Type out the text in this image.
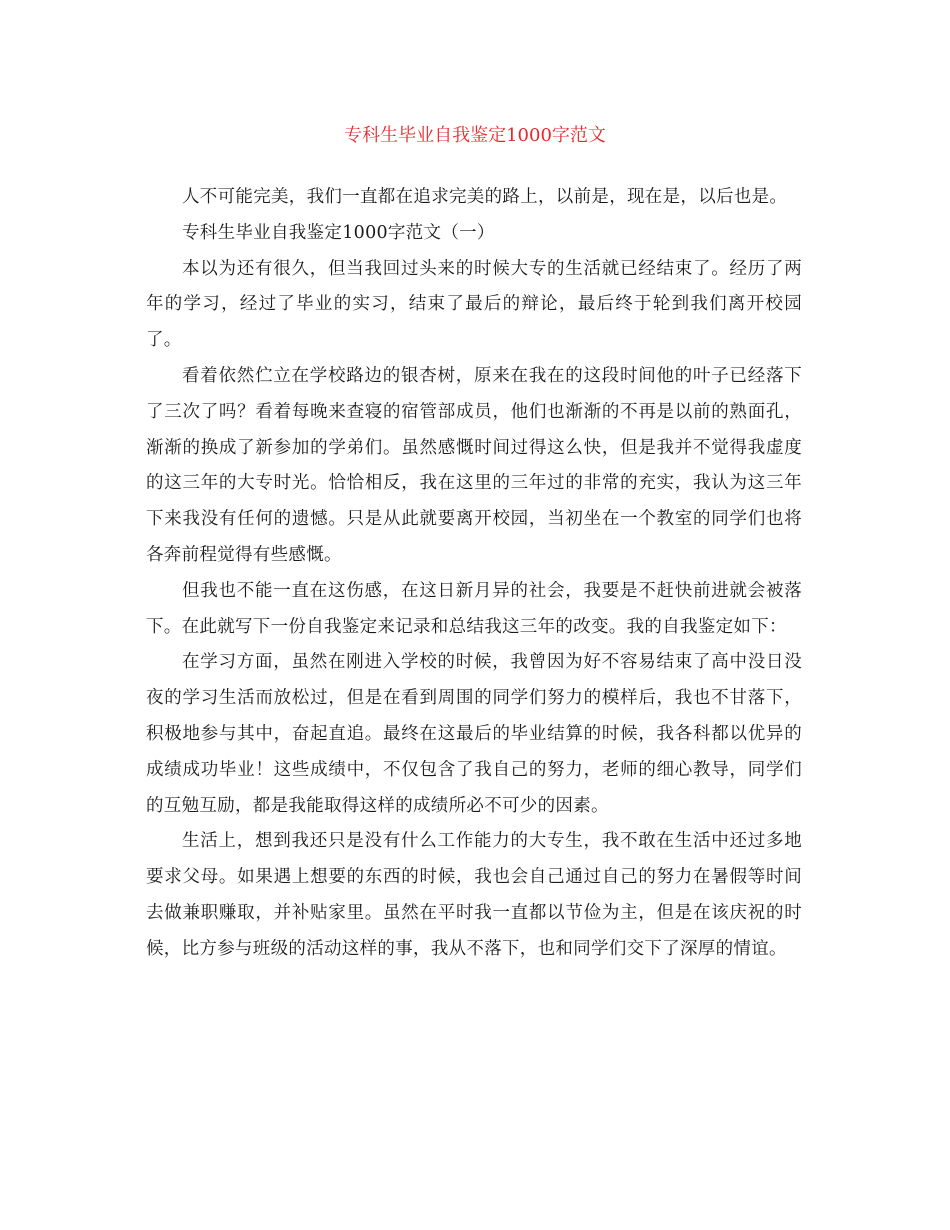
专科生毕业自我鉴定1000字范文

人不可能完美，我们一直都在追求完美的路上，以前是，现在是，以后也是。

专科生毕业自我鉴定1000字范文（一）

本以为还有很久，但当我回过头来的时候大专的生活就已经结束了。经历了两年的学习，经过了毕业的实习，结束了最后的辩论，最后终于轮到我们离开校园了。

看着依然伫立在学校路边的银杏树，原来在我在的这段时间他的叶子已经落下了三次了吗？看着每晚来查寝的宿管部成员，他们也渐渐的不再是以前的熟面孔，渐渐的换成了新参加的学弟们。虽然感慨时间过得这么快，但是我并不觉得我虚度的这三年的大专时光。恰恰相反，我在这里的三年过的非常的充实，我认为这三年下来我没有任何的遗憾。只是从此就要离开校园，当初坐在一个教室的同学们也将各奔前程觉得有些感慨。

但我也不能一直在这伤感，在这日新月异的社会，我要是不赶快前进就会被落下。在此就写下一份自我鉴定来记录和总结我这三年的改变。我的自我鉴定如下：

在学习方面，虽然在刚进入学校的时候，我曾因为好不容易结束了高中没日没夜的学习生活而放松过，但是在看到周围的同学们努力的模样后，我也不甘落下，积极地参与其中，奋起直追。最终在这最后的毕业结算的时候，我各科都以优异的成绩成功毕业！这些成绩中，不仅包含了我自己的努力，老师的细心教导，同学们的互勉互励，都是我能取得这样的成绩所必不可少的因素。

生活上，想到我还只是没有什么工作能力的大专生，我不敢在生活中还过多地要求父母。如果遇上想要的东西的时候，我也会自己通过自己的努力在暑假等时间去做兼职赚取，并补贴家里。虽然在平时我一直都以节俭为主，但是在该庆祝的时候，比方参与班级的活动这样的事，我从不落下，也和同学们交下了深厚的情谊。
